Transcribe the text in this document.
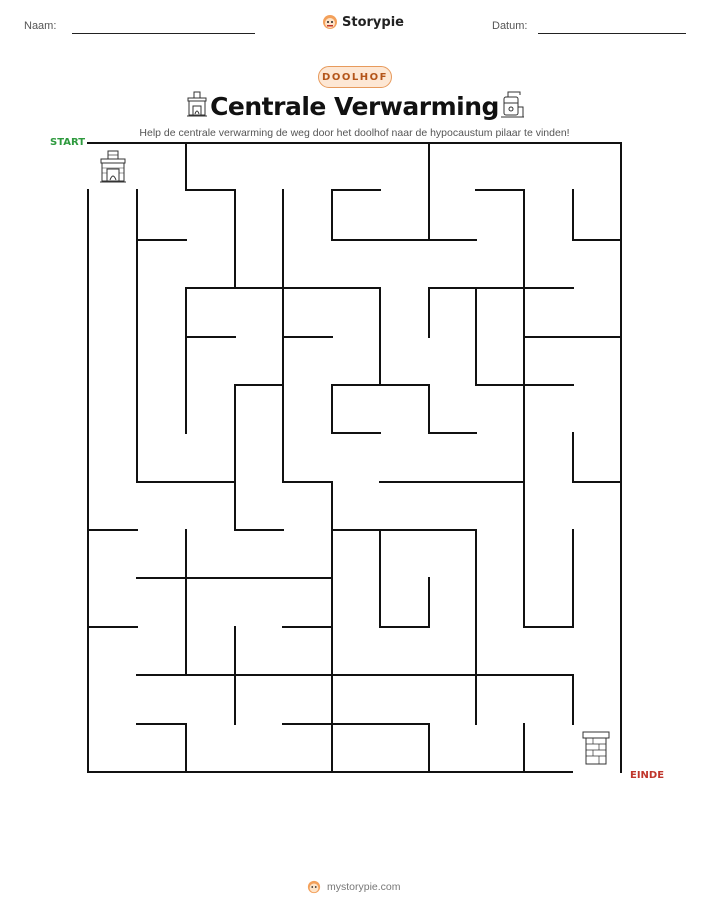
Naam:	Storypie	Datum:
DOOLHOF
Centrale Verwarming
Help de centrale verwarming de weg door het doolhof naar de hypocaustum pilaar te vinden!
START
EINDE
mystorypie.com
